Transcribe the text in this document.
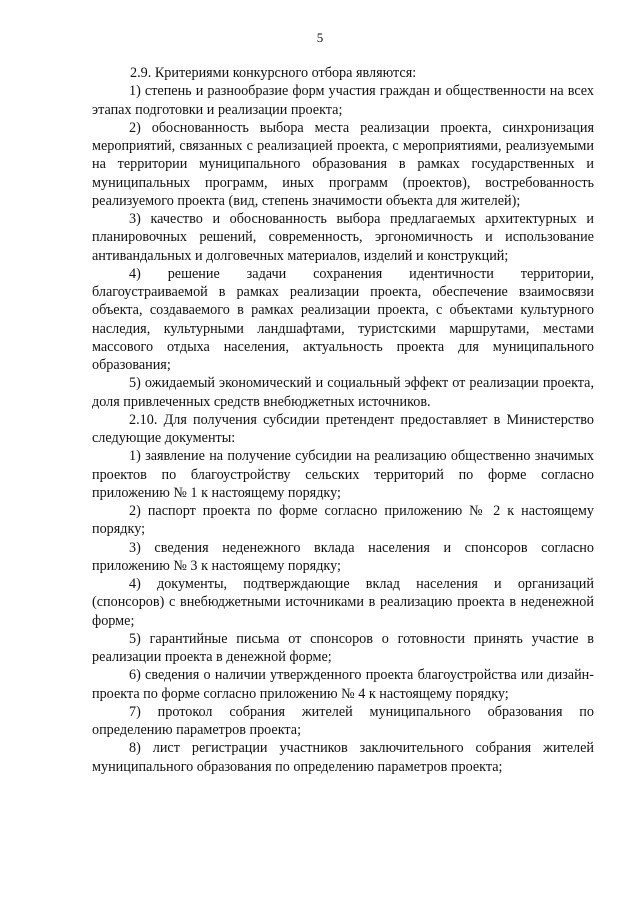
5

2.9. Критериями конкурсного отбора являются:

1) степень и разнообразие форм участия граждан и общественности на всех этапах подготовки и реализации проекта;

2) обоснованность выбора места реализации проекта, синхронизация мероприятий, связанных с реализацией проекта, с мероприятиями, реализуемыми на территории муниципального образования в рамках государственных и муниципальных программ, иных программ (проектов), востребованность реализуемого проекта (вид, степень значимости объекта для жителей);

3) качество и обоснованность выбора предлагаемых архитектурных и планировочных решений, современность, эргономичность и использование антивандальных и долговечных материалов, изделий и конструкций;

4) решение задачи сохранения идентичности территории, благоустраиваемой в рамках реализации проекта, обеспечение взаимосвязи объекта, создаваемого в рамках реализации проекта, с объектами культурного наследия, культурными ландшафтами, туристскими маршрутами, местами массового отдыха населения, актуальность проекта для муниципального образования;

5) ожидаемый экономический и социальный эффект от реализации проекта, доля привлеченных средств внебюджетных источников.

2.10. Для получения субсидии претендент предоставляет в Министерство следующие документы:

1) заявление на получение субсидии на реализацию общественно значимых проектов по благоустройству сельских территорий по форме согласно приложению № 1 к настоящему порядку;

2) паспорт проекта по форме согласно приложению № 2 к настоящему порядку;

3) сведения неденежного вклада населения и спонсоров согласно приложению № 3 к настоящему порядку;

4) документы, подтверждающие вклад населения и организаций (спонсоров) с внебюджетными источниками в реализацию проекта в неденежной форме;

5) гарантийные письма от спонсоров о готовности принять участие в реализации проекта в денежной форме;

6) сведения о наличии утвержденного проекта благоустройства или дизайн-проекта по форме согласно приложению № 4 к настоящему порядку;

7) протокол собрания жителей муниципального образования по определению параметров проекта;

8) лист регистрации участников заключительного собрания жителей муниципального образования по определению параметров проекта;
